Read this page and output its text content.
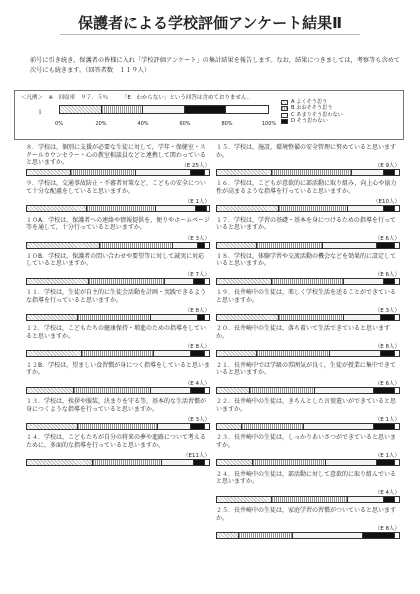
保護者による学校評価アンケート結果Ⅱ
前号に引き続き，保護者の皆様に入れ「学校評価アンケート」の集計結果を報告します。なお，結果につきましては，考察等も含めて次号にも続きます。（回答者数　１１９人）
＜凡例＞　※　回収率　９７．５％　　　「E　わからない」という回答は含めておりません。
１
0%	20%	40%	60%	80%	100%
A
よくそう思う
B
おおそそう思う
C
あまりそう思わない
D
そう思わない
８．学校は，個別に支援が必要な生徒に対して，学年・保健室・スクールカウンセラー・心の教室相談員などと連携して関わっていると思いますか。	（E 25人）
９．学校は，交通事故防止・不審者対策など，こどもの安全について十分な配慮をしていると思いますか。
（E 1人）
１０A．学校は，保護者への連絡や情報提供を，便りやホームページ等を通して，十分行っていると思いますか。
（E 3人）
１０B．学校は，保護者の問い合わせや要望等に対して誠実に対応していると思いますか。
（E 7人）
１１．学校は，生徒が自主的に生徒会活動を計画・実践できるような指導を行っていると思いますか。
（E 8人）
１２．学校は，こどもたちの健康保持・増進のための指導をしていると思いますか。
（E 8人）
１２B．学校は，望ましい食習慣が身につく指導をしていると思いますか。
（E 4人）
１３．学校は，挨拶や服装，決まりを守る等，基本的な生活習慣が身につくような指導を行っていると思いますか。
（E 3人）
１４．学校は，こどもたちが自分の将来の夢や進路について考えるために，多面的な指導を行っていると思いますか。
（E11人）
１５．学校は，施設，環境整備の安全管理に努めていると思いますか。
（E 9人）
１６．学校は，こどもが意欲的に部活動に取り組み，向上心や協力性が高まるような指導を行っていると思いますか。
（E10人）
１７．学校は，学習の基礎・基本を身につけるための指導を行っていると思いますか。
（E 6人）
１８．学校は，体験学習や交流活動の機会などを効果的に設定していると思いますか。
（E 6人）
１９．長井崎中の生徒は，楽しく学校生活を送ることができていると思いますか。
（E 3人）
２０．長井崎中の生徒は，落ち着いて生活できていると思いますか。
（E 8人）
２１．長井崎中では学級の雰囲気が良く，生徒が授業に集中できていると思いますか。
（E 6人）
２２．長井崎中の生徒は，きちんとした言葉遣いができていると思いますか。
（E 1人）
２３．長井崎中の生徒は，しっかりあいさつができていると思いますか。
（E 1人）
２４．長井崎中の生徒は，部活動に対して意欲的に取り組んでいると思いますか。
（E 4人）
２５．長井崎中の生徒は，家庭学習の習慣がついていると思いますか。
（E 8人）
